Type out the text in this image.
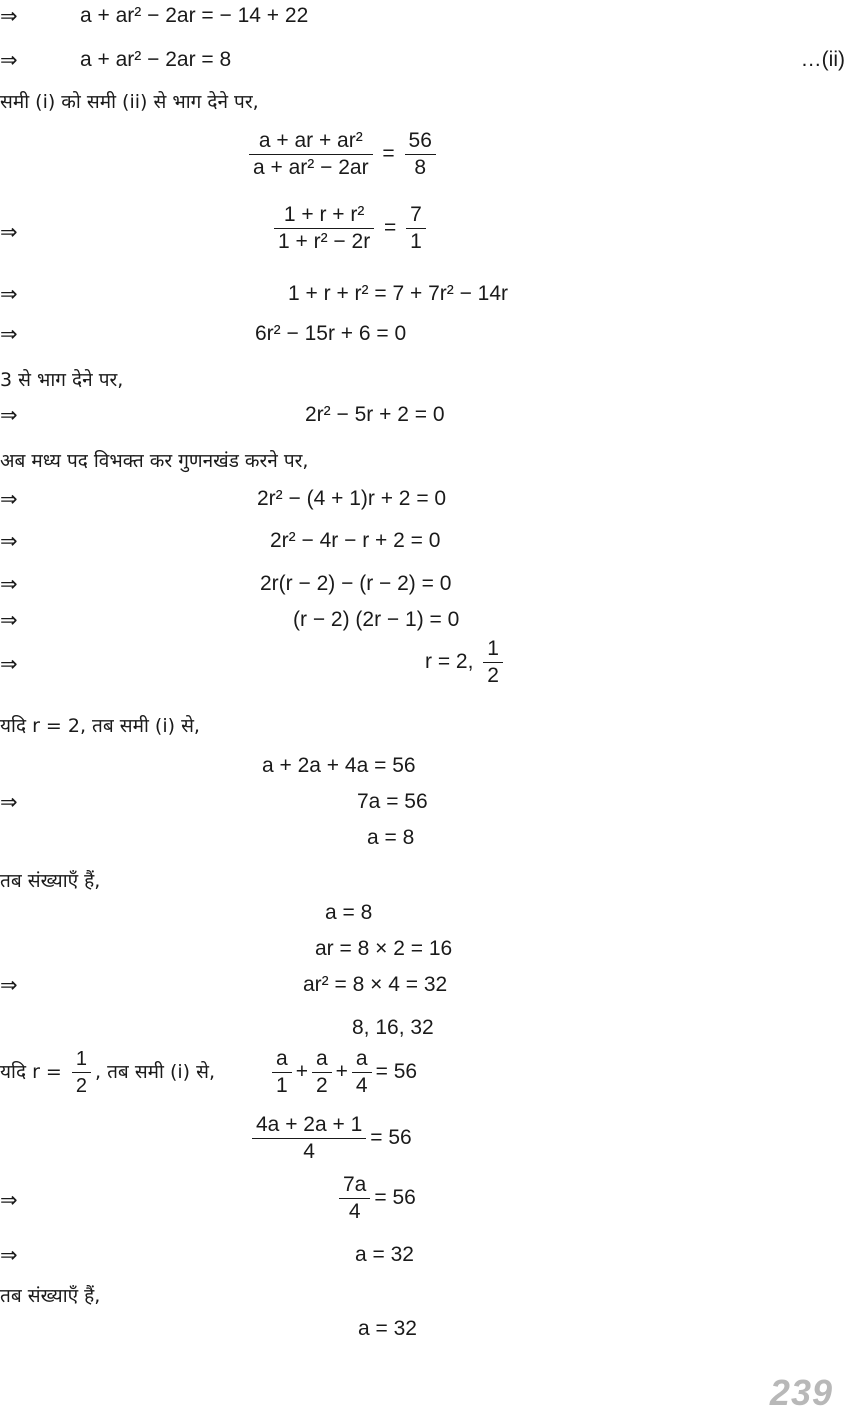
⇒	a + ar² − 2ar = − 14 + 22
⇒	a + ar² − 2ar = 8	…(ii)
समी (i) को समी (ii) से भाग देने पर,
$\frac{\text{a + ar + ar²}}{\text{a + ar² − 2ar}} = \frac{56}{8}$
⇒	$\frac{\text{1 + r + r²}}{\text{1 + r² − 2r}} = \frac{7}{1}$
⇒	1 + r + r² = 7 + 7r² − 14r
⇒	6r² − 15r + 6 = 0
3 से भाग देने पर,
⇒	2r² − 5r + 2 = 0
अब मध्य पद विभक्त कर गुणनखंड करने पर,
⇒	2r² − (4 + 1)r + 2 = 0
⇒	2r² − 4r − r + 2 = 0
⇒	2r(r − 2) − (r − 2) = 0
⇒	(r − 2) (2r − 1) = 0
⇒	r = 2, $\frac{1}{2}$
यदि r = 2, तब समी (i) से,
a + 2a + 4a = 56
⇒	7a = 56
a = 8
तब संख्याएँ हैं,
a = 8
ar = 8 × 2 = 16
⇒	ar² = 8 × 4 = 32
8, 16, 32
यदि $r = \frac{1}{2}$ , तब समी (i) से,	$\frac{a}{1} + \frac{a}{2} + \frac{a}{4} = 56$
$\frac{4a + 2a + 1}{4} = 56$
⇒	$\frac{7a}{4} = 56$
⇒	a = 32
तब संख्याएँ हैं,
a = 32
239
